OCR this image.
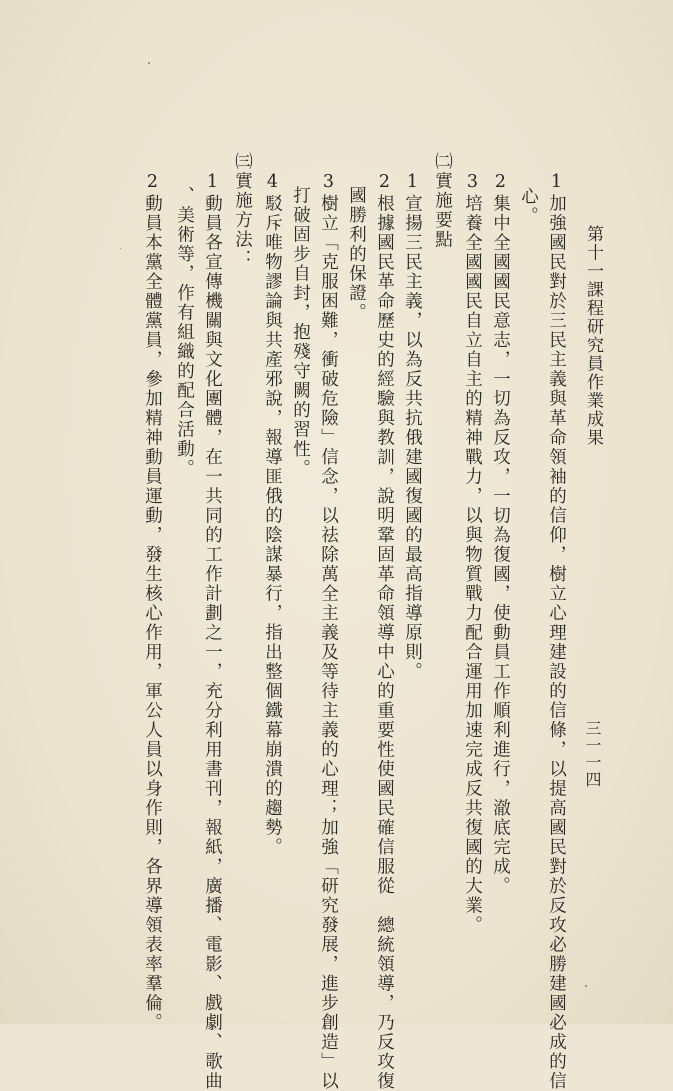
第十一課程研究員作業成果

三一一四

1加強國民對於三民主義與革命領袖的信仰，樹立心理建設的信條，以提高國民對於反攻必勝建國必成的信

心。

2集中全國國民意志，一切為反攻，一切為復國，使動員工作順利進行，澈底完成。

3培養全國國民自立自主的精神戰力，以與物質戰力配合運用加速完成反共復國的大業。

㈡實施要點

1宣揚三民主義，以為反共抗俄建國復國的最高指導原則。

2根據國民革命歷史的經驗與教訓，說明鞏固革命領導中心的重要性使國民確信服從　總統領導，乃反攻復

國勝利的保證。

3樹立「克服困難，衝破危險」信念，以祛除萬全主義及等待主義的心理；加強「研究發展，進步創造」以

打破固步自封，抱殘守闕的習性。

4駁斥唯物謬論與共產邪說，報導匪俄的陰謀暴行，指出整個鐵幕崩潰的趨勢。

㈢實施方法：

1動員各宣傳機關與文化團體，在一共同的工作計劃之一，充分利用書刊，報紙，廣播、電影、戲劇、歌曲

、美術等，作有組織的配合活動。

2動員本黨全體黨員，參加精神動員運動，發生核心作用，軍公人員以身作則，各界導領表率羣倫。
